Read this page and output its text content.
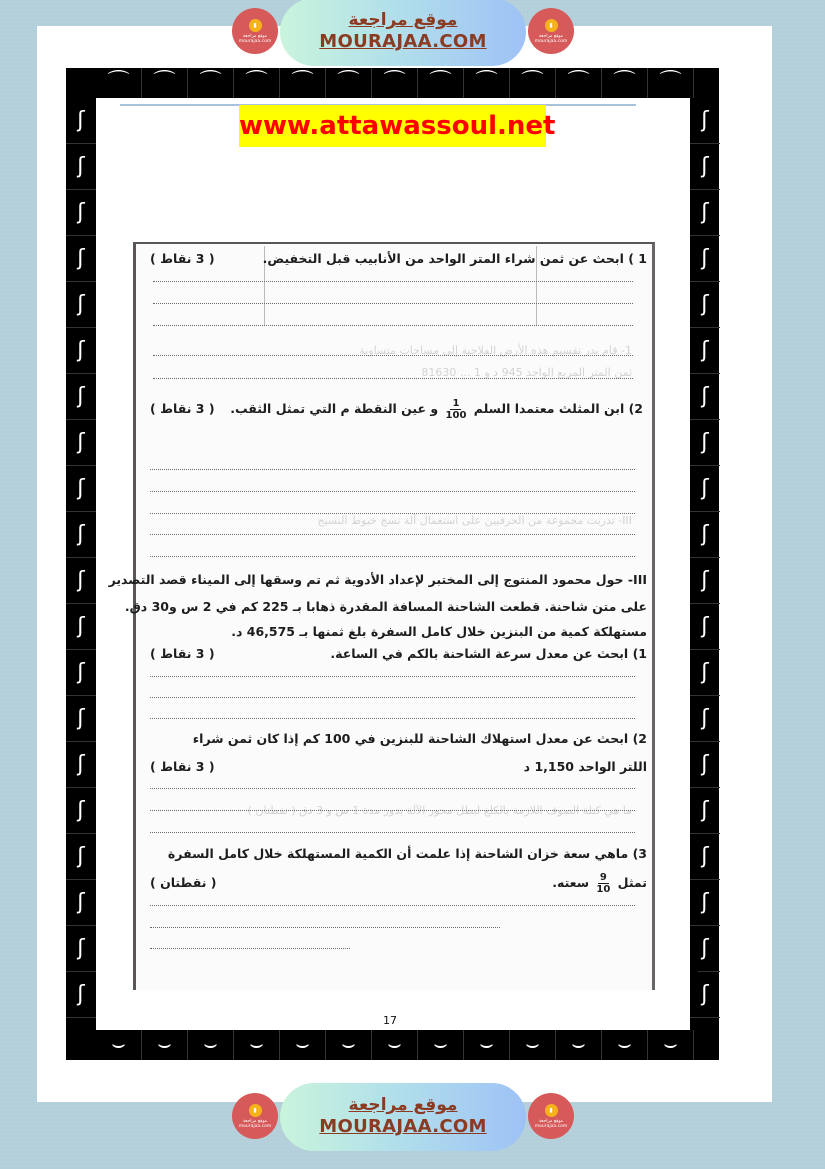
▮
موقع مراجعة mourajaa.com
موقع مراجعة
MOURAJAA.COM
▮
موقع مراجعة mourajaa.com
⌒	⌒	⌒	⌒	⌒	⌒	⌒	⌒	⌒	⌒	⌒	⌒	⌒
⌣	⌣	⌣	⌣	⌣	⌣	⌣	⌣	⌣	⌣	⌣	⌣	⌣
ʃ
ʃ
ʃ
ʃ
ʃ
ʃ
ʃ
ʃ
ʃ
ʃ
ʃ
ʃ
ʃ
ʃ
ʃ
ʃ
ʃ
ʃ
ʃ
ʃ
ʃ
ʃ
ʃ
ʃ
ʃ
ʃ
ʃ
ʃ
ʃ
ʃ
ʃ
ʃ
ʃ
ʃ
ʃ
ʃ
ʃ
ʃ
ʃ
ʃ
www.attawassoul.net
1- قام بدر تقسيم هذه الأرض الفلاحية إلى مساحات متساوية
ثمن المتر المربع الواحد 945 د و 1 ... 81630
III- تدربت مجموعة من الحرفيين على استعمال آلة نسج خيوط النسيج
ما هي كتلة الصوف اللازمة بالكلغ لبطل محور الآلة يدور مدة 1 س و 3 دق ( نقطتان )
1 ) ابحث عن ثمن شراء المتر الواحد من الأنابيب قبل التخفيض.
( 3 نقاط )
2) ابن المثلث معتمدا السلم
$\frac{1}{100}$
و عين النقطة م التي تمثل الثقب.
( 3 نقاط )
III- حول محمود المنتوج إلى المختبر لإعداد الأدوية ثم تم وسقها إلى الميناء قصد التصدير
على متن شاحنة. قطعت الشاحنة المسافة المقدرة ذهابا بـ 225 كم في 2 س و30 دق.
مستهلكة كمية من البنزين خلال كامل السفرة بلغ ثمنها بـ 46,575 د.
1) ابحث عن معدل سرعة الشاحنة بالكم في الساعة.
( 3 نقاط )
2) ابحث عن معدل استهلاك الشاحنة للبنزين في 100 كم إذا كان ثمن شراء
اللتر الواحد 1,150 د
( 3 نقاط )
3) ماهي سعة خزان الشاحنة إذا علمت أن الكمية المستهلكة خلال كامل السفرة
تمثل
$\frac{9}{10}$
سعته.
( نقطتان )
17
▮
موقع مراجعة mourajaa.com
موقع مراجعة
MOURAJAA.COM
▮
موقع مراجعة mourajaa.com
